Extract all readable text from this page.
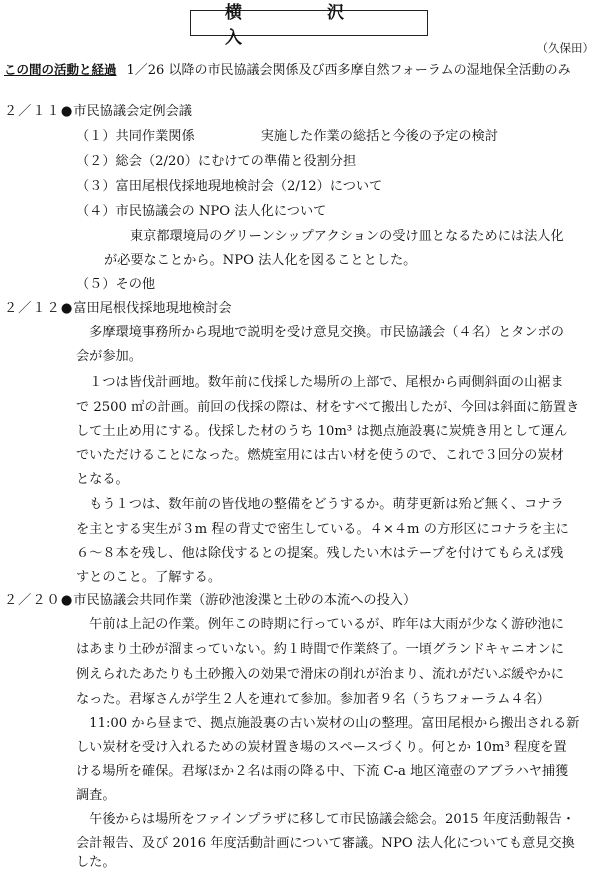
横　沢　入	（久保田）
この間の活動と経過 1／26 以降の市民協議会関係及び西多摩自然フォーラムの湿地保全活動のみ
２／１１●市民協議会定例会議
（１）共同作業関係　　　　　実施した作業の総括と今後の予定の検討
（２）総会（2/20）にむけての準備と役割分担
（３）富田尾根伐採地現地検討会（2/12）について
（４）市民協議会の NPO 法人化について
東京都環境局のグリーンシップアクションの受け皿となるためには法人化
が必要なことから。NPO 法人化を図ることとした。
（５）その他
２／１２●富田尾根伐採地現地検討会
　多摩環境事務所から現地で説明を受け意見交換。市民協議会（４名）とタンボの
会が参加。
　１つは皆伐計画地。数年前に伐採した場所の上部で、尾根から両側斜面の山裾ま
で 2500 ㎡の計画。前回の伐採の際は、材をすべて搬出したが、今回は斜面に筋置き
して土止め用にする。伐採した材のうち 10m³ は拠点施設裏に炭焼き用として運ん
でいただけることになった。燃焼室用には古い材を使うので、これで３回分の炭材
となる。
　もう１つは、数年前の皆伐地の整備をどうするか。萌芽更新は殆ど無く、コナラ
を主とする実生が３m 程の背丈で密生している。４×４m の方形区にコナラを主に
６～８本を残し、他は除伐するとの提案。残したい木はテープを付けてもらえば残
すとのこと。了解する。
２／２０●市民協議会共同作業（游砂池浚渫と土砂の本流への投入）
　午前は上記の作業。例年この時期に行っているが、昨年は大雨が少なく游砂池に
はあまり土砂が溜まっていない。約１時間で作業終了。一頃グランドキャニオンに
例えられたあたりも土砂搬入の効果で滑床の削れが治まり、流れがだいぶ緩やかに
なった。君塚さんが学生２人を連れて参加。参加者９名（うちフォーラム４名）
　11:00 から昼まで、拠点施設裏の古い炭材の山の整理。富田尾根から搬出される新
しい炭材を受け入れるための炭材置き場のスペースづくり。何とか 10m³ 程度を置
ける場所を確保。君塚ほか２名は雨の降る中、下流 C-a 地区滝壺のアブラハヤ捕獲
調査。
　午後からは場所をファインプラザに移して市民協議会総会。2015 年度活動報告・
会計報告、及び 2016 年度活動計画について審議。NPO 法人化についても意見交換
した。
